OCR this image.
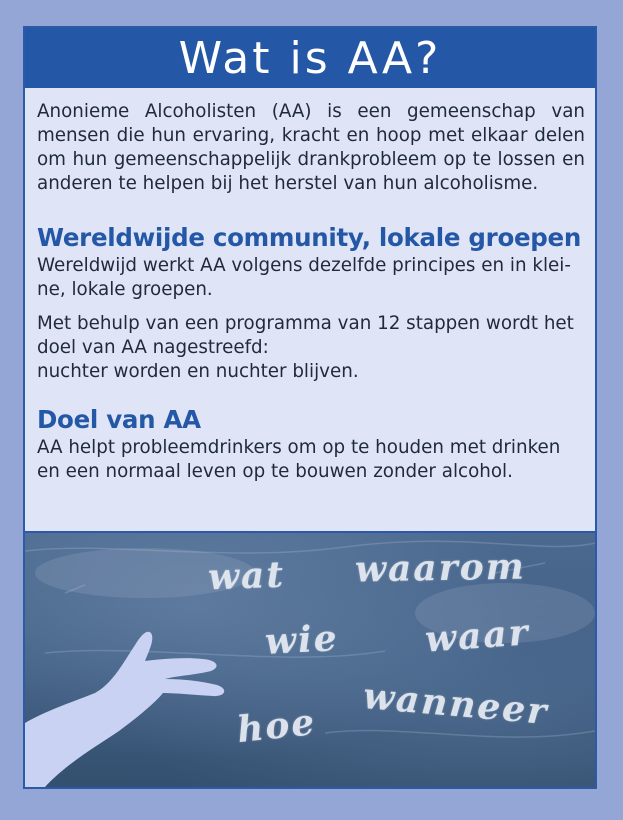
Wat is AA?

Anonieme Alcoholisten (AA) is een gemeenschap van mensen die hun ervaring, kracht en hoop met elkaar delen om hun gemeenschappelijk drankprobleem op te lossen en anderen te helpen bij het herstel van hun alcoholisme.

Wereldwijde community, lokale groepen

Wereldwijd werkt AA volgens dezelfde principes en in klei-
ne, lokale groepen.

Met behulp van een programma van 12 stappen wordt het
doel van AA nagestreefd:
nuchter worden en nuchter blijven.

Doel van AA

AA helpt probleemdrinkers om op te houden met drinken
en een normaal leven op te bouwen zonder alcohol.

wat waarom
wie waar
hoe wanneer
